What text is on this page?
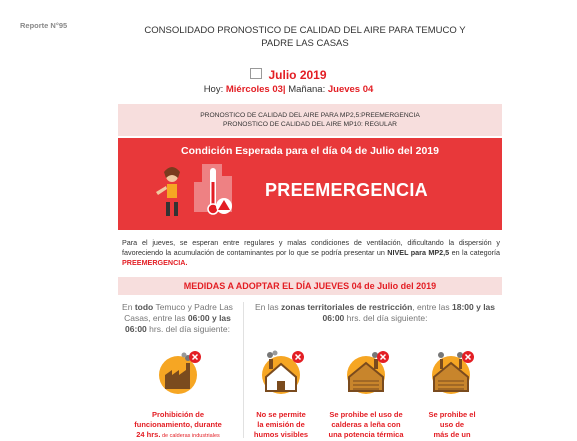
Reporte N°95	CONSOLIDADO PRONOSTICO DE CALIDAD DEL AIRE PARA TEMUCO Y
PADRE LAS CASAS
Julio 2019
Hoy: Miércoles 03| Mañana: Jueves 04
PRONOSTICO DE CALIDAD DEL AIRE PARA MP2,5:PREEMERGENCIA
PRONOSTICO DE CALIDAD DEL AIRE MP10: REGULAR
Condición Esperada para el día 04 de Julio del 2019
PREEMERGENCIA
Para el jueves, se esperan entre regulares y malas condiciones de ventilación, dificultando la dispersión y favoreciendo la acumulación de contaminantes por lo que se podría presentar un NIVEL para MP2,5 en la categoría PREEMERGENCIA.
MEDIDAS A ADOPTAR EL DÍA JUEVES 04 de Julio del 2019
En todo Temuco y Padre Las Casas, entre las 06:00 y las 06:00 hrs. del día siguiente:
En las zonas territoriales de restricción, entre las 18:00 y las 06:00 hrs. del día siguiente:
Prohibición de
funcionamiento, durante
24 hrs. de calderas industriales
No se permite
la emisión de
humos visibles
Se prohibe el uso de
calderas a leña con
una potencia térmica
Se prohibe el
uso de
más de un
